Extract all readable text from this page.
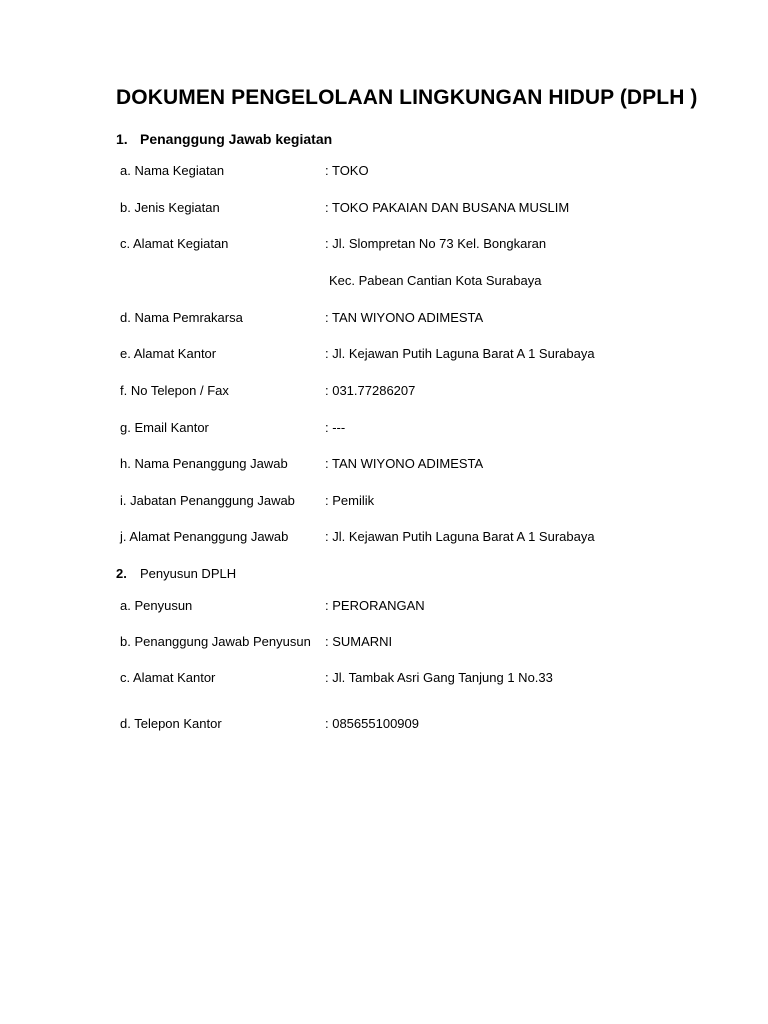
DOKUMEN PENGELOLAAN LINGKUNGAN HIDUP (DPLH )
1. Penanggung Jawab kegiatan
a. Nama Kegiatan	: TOKO
b. Jenis Kegiatan	: TOKO PAKAIAN DAN BUSANA MUSLIM
c. Alamat Kegiatan	: Jl. Slompretan No 73 Kel. Bongkaran
Kec. Pabean Cantian Kota Surabaya
d. Nama Pemrakarsa	: TAN WIYONO ADIMESTA
e. Alamat Kantor	: Jl. Kejawan Putih Laguna Barat A 1 Surabaya
f. No Telepon / Fax	: 031.77286207
g. Email Kantor	: ---
h. Nama Penanggung Jawab	: TAN WIYONO ADIMESTA
i. Jabatan Penanggung Jawab : Pemilik
j. Alamat Penanggung Jawab	: Jl. Kejawan Putih Laguna Barat A 1 Surabaya
2. Penyusun DPLH
a. Penyusun	: PERORANGAN
b. Penanggung Jawab Penyusun : SUMARNI
c. Alamat Kantor	: Jl. Tambak Asri Gang Tanjung 1 No.33
d. Telepon Kantor	: 085655100909
